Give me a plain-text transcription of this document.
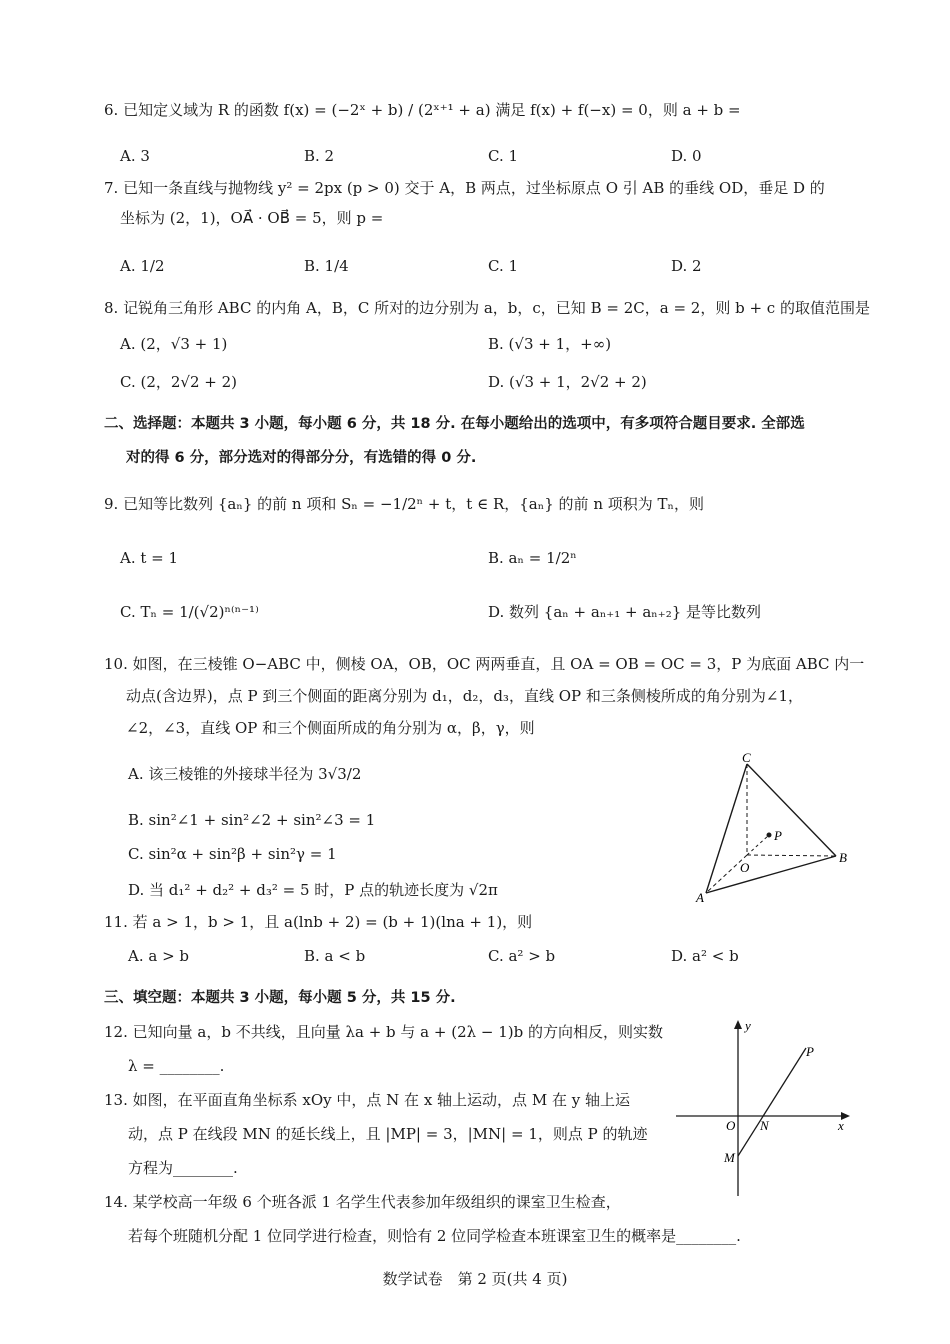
6. 已知定义域为 R 的函数 f(x) = (−2ˣ + b) / (2ˣ⁺¹ + a) 满足 f(x) + f(−x) = 0，则 a + b =
A. 3	B. 2	C. 1	D. 0
7. 已知一条直线与抛物线 y² = 2px (p > 0) 交于 A，B 两点，过坐标原点 O 引 AB 的垂线 OD，垂足 D 的
坐标为 (2，1)，OA⃗ · OB⃗ = 5，则 p =
A. 1/2	B. 1/4	C. 1	D. 2
8. 记锐角三角形 ABC 的内角 A，B，C 所对的边分别为 a，b，c，已知 B = 2C，a = 2，则 b + c 的取值范围是
A. (2，√3 + 1)	B. (√3 + 1，+∞)
C. (2，2√2 + 2)	D. (√3 + 1，2√2 + 2)
二、选择题：本题共 3 小题，每小题 6 分，共 18 分. 在每小题给出的选项中，有多项符合题目要求. 全部选
对的得 6 分，部分选对的得部分分，有选错的得 0 分.
9. 已知等比数列 {aₙ} 的前 n 项和 Sₙ = −1/2ⁿ + t，t ∈ R，{aₙ} 的前 n 项积为 Tₙ，则
A. t = 1	B. aₙ = 1/2ⁿ
C. Tₙ = 1/(√2)ⁿ⁽ⁿ⁻¹⁾	D. 数列 {aₙ + aₙ₊₁ + aₙ₊₂} 是等比数列
10. 如图，在三棱锥 O−ABC 中，侧棱 OA，OB，OC 两两垂直，且 OA = OB = OC = 3，P 为底面 ABC 内一
动点(含边界)，点 P 到三个侧面的距离分别为 d₁，d₂，d₃，直线 OP 和三条侧棱所成的角分别为∠1，
∠2，∠3，直线 OP 和三个侧面所成的角分别为 α，β，γ，则
A. 该三棱锥的外接球半径为 3√3/2
B. sin²∠1 + sin²∠2 + sin²∠3 = 1
C. sin²α + sin²β + sin²γ = 1
D. 当 d₁² + d₂² + d₃² = 5 时，P 点的轨迹长度为 √2π
C
P
O
B
A
11. 若 a > 1，b > 1，且 a(lnb + 2) = (b + 1)(lna + 1)，则
A. a > b	B. a < b	C. a² > b	D. a² < b
三、填空题：本题共 3 小题，每小题 5 分，共 15 分.
12. 已知向量 a，b 不共线，且向量 λa + b 与 a + (2λ − 1)b 的方向相反，则实数
λ = ________.
13. 如图，在平面直角坐标系 xOy 中，点 N 在 x 轴上运动，点 M 在 y 轴上运
动，点 P 在线段 MN 的延长线上，且 |MP| = 3，|MN| = 1，则点 P 的轨迹
方程为________.
y
P
O N	x
M
14. 某学校高一年级 6 个班各派 1 名学生代表参加年级组织的课室卫生检查，
若每个班随机分配 1 位同学进行检查，则恰有 2 位同学检查本班课室卫生的概率是________.
数学试卷　第 2 页(共 4 页)
